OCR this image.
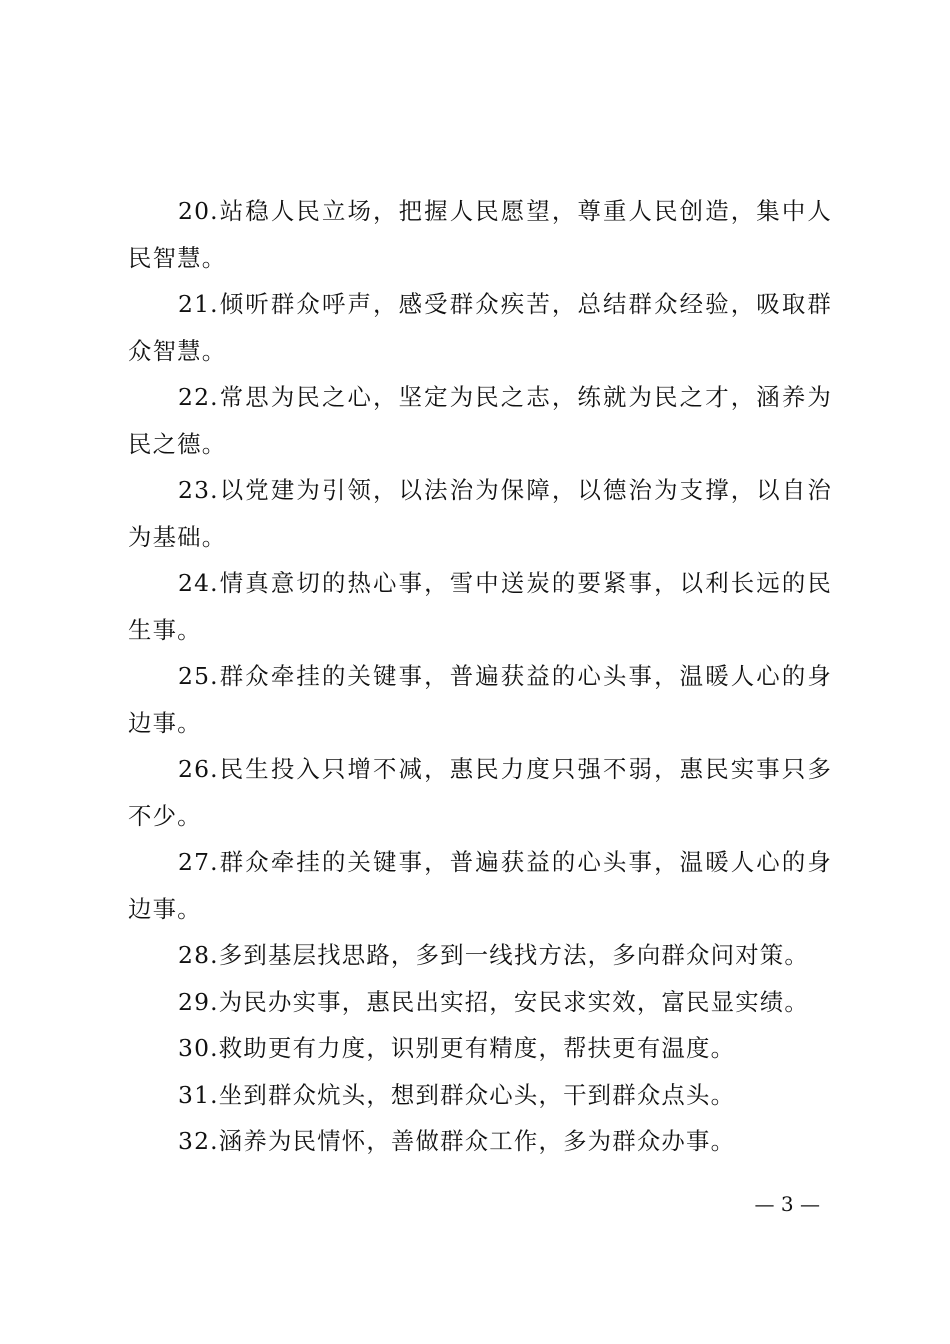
20.站稳人民立场，把握人民愿望，尊重人民创造，集中人民智慧。

21.倾听群众呼声，感受群众疾苦，总结群众经验，吸取群众智慧。

22.常思为民之心，坚定为民之志，练就为民之才，涵养为民之德。

23.以党建为引领，以法治为保障，以德治为支撑，以自治为基础。

24.情真意切的热心事，雪中送炭的要紧事，以利长远的民生事。

25.群众牵挂的关键事，普遍获益的心头事，温暖人心的身边事。

26.民生投入只增不减，惠民力度只强不弱，惠民实事只多不少。

27.群众牵挂的关键事，普遍获益的心头事，温暖人心的身边事。

28.多到基层找思路，多到一线找方法，多向群众问对策。

29.为民办实事，惠民出实招，安民求实效，富民显实绩。

30.救助更有力度，识别更有精度，帮扶更有温度。

31.坐到群众炕头，想到群众心头，干到群众点头。

32.涵养为民情怀，善做群众工作，多为群众办事。

— 3 —
